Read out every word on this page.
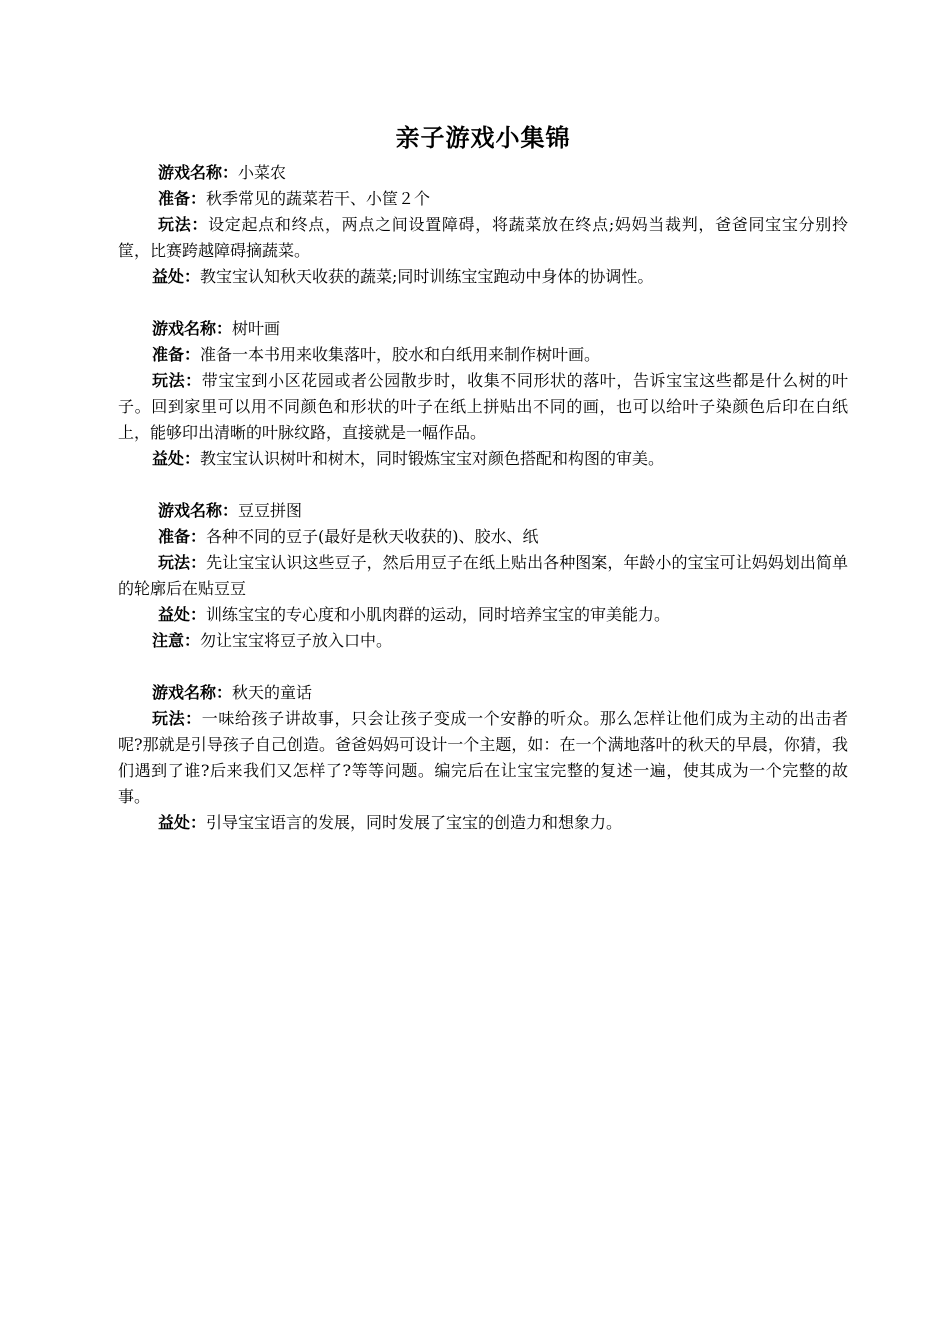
亲子游戏小集锦

游戏名称：小菜农

准备：秋季常见的蔬菜若干、小筐２个

玩法：设定起点和终点，两点之间设置障碍，将蔬菜放在终点;妈妈当裁判，爸爸同宝宝分别拎筐，比赛跨越障碍摘蔬菜。

益处：教宝宝认知秋天收获的蔬菜;同时训练宝宝跑动中身体的协调性。

游戏名称：树叶画

准备：准备一本书用来收集落叶，胶水和白纸用来制作树叶画。

玩法：带宝宝到小区花园或者公园散步时，收集不同形状的落叶，告诉宝宝这些都是什么树的叶子。回到家里可以用不同颜色和形状的叶子在纸上拼贴出不同的画，也可以给叶子染颜色后印在白纸上，能够印出清晰的叶脉纹路，直接就是一幅作品。

益处：教宝宝认识树叶和树木，同时锻炼宝宝对颜色搭配和构图的审美。

游戏名称：豆豆拼图

准备：各种不同的豆子(最好是秋天收获的)、胶水、纸

玩法：先让宝宝认识这些豆子，然后用豆子在纸上贴出各种图案，年龄小的宝宝可让妈妈划出简单的轮廓后在贴豆豆

益处：训练宝宝的专心度和小肌肉群的运动，同时培养宝宝的审美能力。

注意：勿让宝宝将豆子放入口中。

游戏名称：秋天的童话

玩法：一味给孩子讲故事，只会让孩子变成一个安静的听众。那么怎样让他们成为主动的出击者呢?那就是引导孩子自己创造。爸爸妈妈可设计一个主题，如：在一个满地落叶的秋天的早晨，你猜，我们遇到了谁?后来我们又怎样了?等等问题。编完后在让宝宝完整的复述一遍，使其成为一个完整的故事。

益处：引导宝宝语言的发展，同时发展了宝宝的创造力和想象力。
